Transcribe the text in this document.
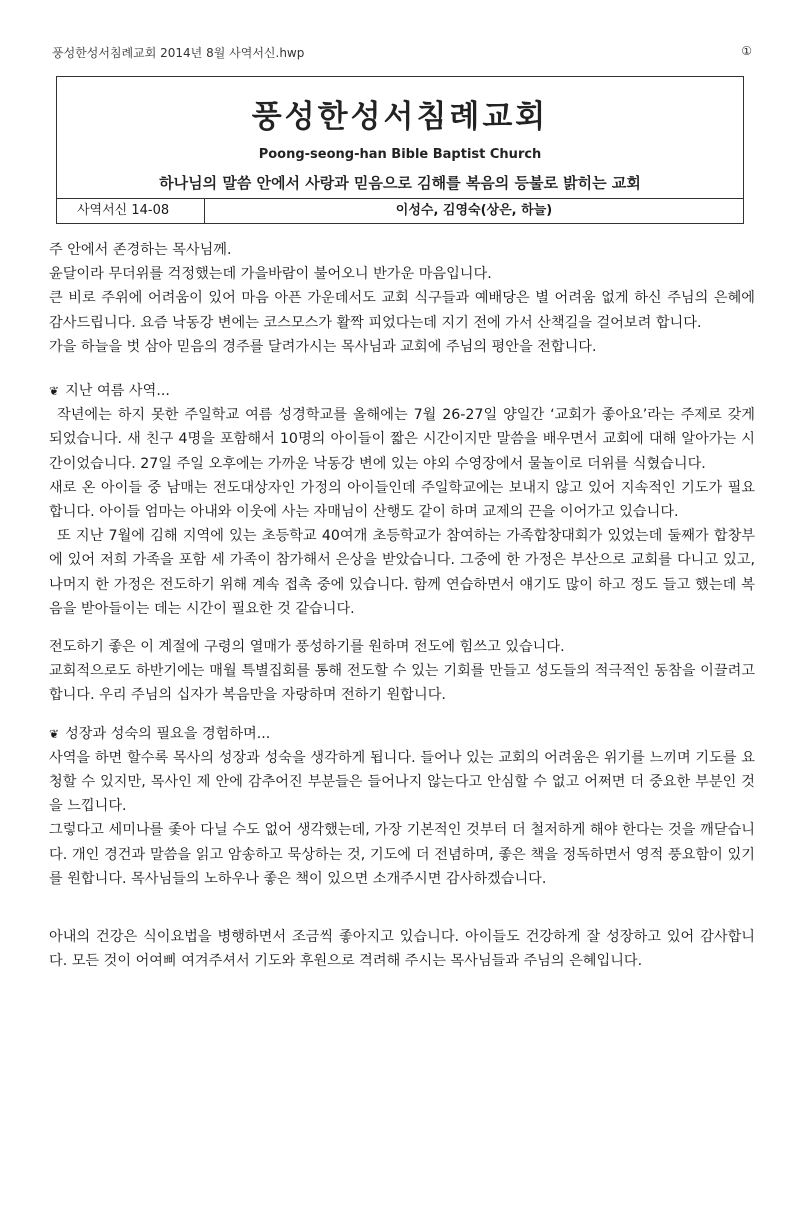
풍성한성서침례교회 2014년 8월 사역서신.hwp	①
풍성한성서침례교회
Poong-seong-han Bible Baptist Church
하나님의 말씀 안에서 사랑과 믿음으로 김해를 복음의 등불로 밝히는 교회
사역서신 14-08	이성수, 김영숙(상은, 하늘)

주 안에서 존경하는 목사님께.

윤달이라 무더위를 걱정했는데 가을바람이 불어오니 반가운 마음입니다.

큰 비로 주위에 어려움이 있어 마음 아픈 가운데서도 교회 식구들과 예배당은 별 어려움 없게 하신 주님의 은혜에 감사드립니다. 요즘 낙동강 변에는 코스모스가 활짝 피었다는데 지기 전에 가서 산책길을 걸어보려 합니다.

가을 하늘을 벗 삼아 믿음의 경주를 달려가시는 목사님과 교회에 주님의 평안을 전합니다.

❦ 지난 여름 사역...

작년에는 하지 못한 주일학교 여름 성경학교를 올해에는 7월 26-27일 양일간 ‘교회가 좋아요’라는 주제로 갖게 되었습니다. 새 친구 4명을 포함해서 10명의 아이들이 짧은 시간이지만 말씀을 배우면서 교회에 대해 알아가는 시간이었습니다. 27일 주일 오후에는 가까운 낙동강 변에 있는 야외 수영장에서 물놀이로 더위를 식혔습니다.

새로 온 아이들 중 남매는 전도대상자인 가정의 아이들인데 주일학교에는 보내지 않고 있어 지속적인 기도가 필요합니다. 아이들 엄마는 아내와 이웃에 사는 자매님이 산행도 같이 하며 교제의 끈을 이어가고 있습니다.

또 지난 7월에 김해 지역에 있는 초등학교 40여개 초등학교가 참여하는 가족합창대회가 있었는데 둘째가 합창부에 있어 저희 가족을 포함 세 가족이 참가해서 은상을 받았습니다. 그중에 한 가정은 부산으로 교회를 다니고 있고, 나머지 한 가정은 전도하기 위해 계속 접촉 중에 있습니다. 함께 연습하면서 얘기도 많이 하고 정도 들고 했는데 복음을 받아들이는 데는 시간이 필요한 것 같습니다.

전도하기 좋은 이 계절에 구령의 열매가 풍성하기를 원하며 전도에 힘쓰고 있습니다.

교회적으로도 하반기에는 매월 특별집회를 통해 전도할 수 있는 기회를 만들고 성도들의 적극적인 동참을 이끌려고 합니다. 우리 주님의 십자가 복음만을 자랑하며 전하기 원합니다.

❦ 성장과 성숙의 필요을 경험하며...

사역을 하면 할수록 목사의 성장과 성숙을 생각하게 됩니다. 들어나 있는 교회의 어려움은 위기를 느끼며 기도를 요청할 수 있지만, 목사인 제 안에 감추어진 부분들은 들어나지 않는다고 안심할 수 없고 어쩌면 더 중요한 부분인 것을 느낍니다.

그렇다고 세미나를 좇아 다닐 수도 없어 생각했는데, 가장 기본적인 것부터 더 철저하게 해야 한다는 것을 깨닫습니다. 개인 경건과 말씀을 읽고 암송하고 묵상하는 것, 기도에 더 전념하며, 좋은 책을 정독하면서 영적 풍요함이 있기를 원합니다. 목사님들의 노하우나 좋은 책이 있으면 소개주시면 감사하겠습니다.

아내의 건강은 식이요법을 병행하면서 조금씩 좋아지고 있습니다. 아이들도 건강하게 잘 성장하고 있어 감사합니다. 모든 것이 어여삐 여겨주셔서 기도와 후원으로 격려해 주시는 목사님들과 주님의 은혜입니다.
